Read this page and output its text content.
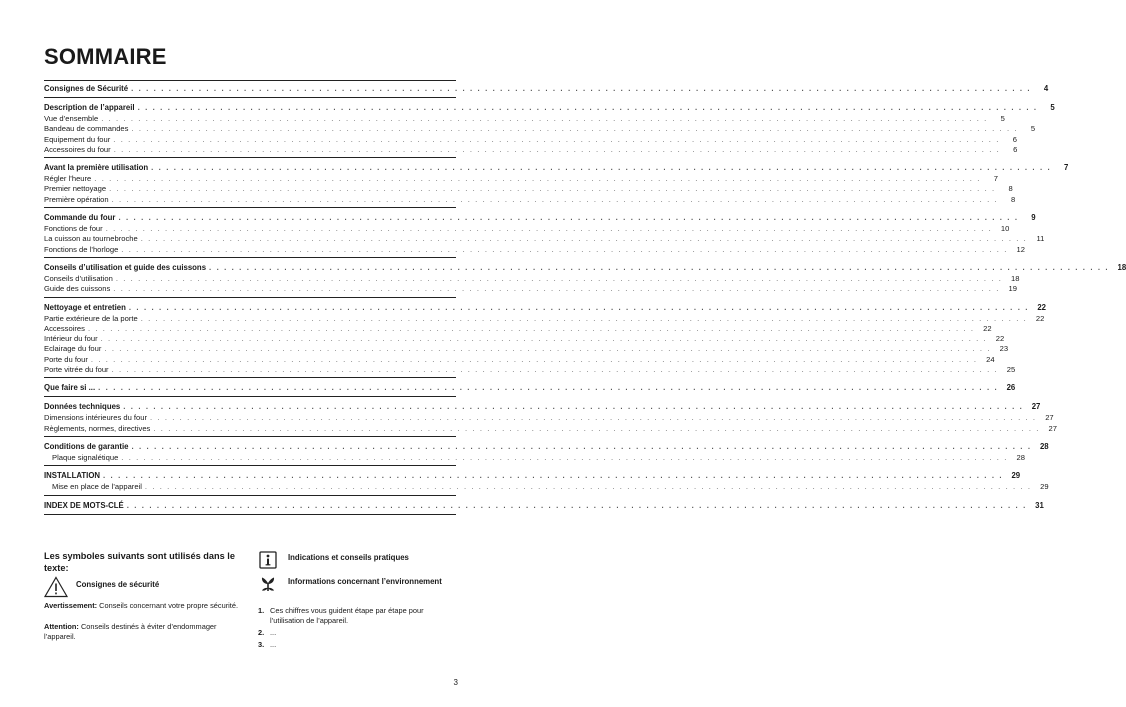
SOMMAIRE
Consignes de Sécurité . . . . . . . . . . . . . . . . . . . . . . . . . . . . . . . . . . . . . . . . . . . . . . . . . . . . . . . . . . . . . . . . . . . . . . . . . . . . . . . . . . . . . . . . . . . . . . . . . . . . . . . . . . . . . . . . . . . . . . . .	4
Description de l’appareil . . . . . . . . . . . . . . . . . . . . . . . . . . . . . . . . . . . . . . . . . . . . . . . . . . . . . . . . . . . . . . . . . . . . . . . . . . . . . . . . . . . . . . . . . . . . . . . . . . . . . . . . . . . . . . . . . . . . . . . .	5
Vue d’ensemble . . . . . . . . . . . . . . . . . . . . . . . . . . . . . . . . . . . . . . . . . . . . . . . . . . . . . . . . . . . . . . . . . . . . . . . . . . . . . . . . . . . . . . . . . . . . . . . . . . . . . . . . . . . . . . . . . . . . . . . .	5
Bandeau de commandes . . . . . . . . . . . . . . . . . . . . . . . . . . . . . . . . . . . . . . . . . . . . . . . . . . . . . . . . . . . . . . . . . . . . . . . . . . . . . . . . . . . . . . . . . . . . . . . . . . . . . . . . . . . . . . . . . . . . . . . .	5
Equipement du four . . . . . . . . . . . . . . . . . . . . . . . . . . . . . . . . . . . . . . . . . . . . . . . . . . . . . . . . . . . . . . . . . . . . . . . . . . . . . . . . . . . . . . . . . . . . . . . . . . . . . . . . . . . . . . . . . . . . . . . .	6
Accessoires du four . . . . . . . . . . . . . . . . . . . . . . . . . . . . . . . . . . . . . . . . . . . . . . . . . . . . . . . . . . . . . . . . . . . . . . . . . . . . . . . . . . . . . . . . . . . . . . . . . . . . . . . . . . . . . . . . . . . . . . . .	6
Avant la première utilisation . . . . . . . . . . . . . . . . . . . . . . . . . . . . . . . . . . . . . . . . . . . . . . . . . . . . . . . . . . . . . . . . . . . . . . . . . . . . . . . . . . . . . . . . . . . . . . . . . . . . . . . . . . . . . . . . . . . . . . . .	7
Régler l’heure . . . . . . . . . . . . . . . . . . . . . . . . . . . . . . . . . . . . . . . . . . . . . . . . . . . . . . . . . . . . . . . . . . . . . . . . . . . . . . . . . . . . . . . . . . . . . . . . . . . . . . . . . . . . . . . . . . . . . . . .	7
Premier nettoyage . . . . . . . . . . . . . . . . . . . . . . . . . . . . . . . . . . . . . . . . . . . . . . . . . . . . . . . . . . . . . . . . . . . . . . . . . . . . . . . . . . . . . . . . . . . . . . . . . . . . . . . . . . . . . . . . . . . . . . . .	8
Première opération . . . . . . . . . . . . . . . . . . . . . . . . . . . . . . . . . . . . . . . . . . . . . . . . . . . . . . . . . . . . . . . . . . . . . . . . . . . . . . . . . . . . . . . . . . . . . . . . . . . . . . . . . . . . . . . . . . . . . . . .	8
Commande du four . . . . . . . . . . . . . . . . . . . . . . . . . . . . . . . . . . . . . . . . . . . . . . . . . . . . . . . . . . . . . . . . . . . . . . . . . . . . . . . . . . . . . . . . . . . . . . . . . . . . . . . . . . . . . . . . . . . . . . . .	9
Fonctions de four . . . . . . . . . . . . . . . . . . . . . . . . . . . . . . . . . . . . . . . . . . . . . . . . . . . . . . . . . . . . . . . . . . . . . . . . . . . . . . . . . . . . . . . . . . . . . . . . . . . . . . . . . . . . . . . . . . . . . . . .	10
La cuisson au tournebroche . . . . . . . . . . . . . . . . . . . . . . . . . . . . . . . . . . . . . . . . . . . . . . . . . . . . . . . . . . . . . . . . . . . . . . . . . . . . . . . . . . . . . . . . . . . . . . . . . . . . . . . . . . . . . . . . . . . . . . . .	11
Fonctions de l’horloge . . . . . . . . . . . . . . . . . . . . . . . . . . . . . . . . . . . . . . . . . . . . . . . . . . . . . . . . . . . . . . . . . . . . . . . . . . . . . . . . . . . . . . . . . . . . . . . . . . . . . . . . . . . . . . . . . . . . . . . .	12
Conseils d’utilisation et guide des cuissons . . . . . . . . . . . . . . . . . . . . . . . . . . . . . . . . . . . . . . . . . . . . . . . . . . . . . . . . . . . . . . . . . . . . . . . . . . . . . . . . . . . . . . . . . . . . . . . . . . . . . . . . . . . . . . . . . . . . . . . .	18
Conseils d’utilisation . . . . . . . . . . . . . . . . . . . . . . . . . . . . . . . . . . . . . . . . . . . . . . . . . . . . . . . . . . . . . . . . . . . . . . . . . . . . . . . . . . . . . . . . . . . . . . . . . . . . . . . . . . . . . . . . . . . . . . . .	18
Guide des cuissons . . . . . . . . . . . . . . . . . . . . . . . . . . . . . . . . . . . . . . . . . . . . . . . . . . . . . . . . . . . . . . . . . . . . . . . . . . . . . . . . . . . . . . . . . . . . . . . . . . . . . . . . . . . . . . . . . . . . . . . .	19
Nettoyage et entretien . . . . . . . . . . . . . . . . . . . . . . . . . . . . . . . . . . . . . . . . . . . . . . . . . . . . . . . . . . . . . . . . . . . . . . . . . . . . . . . . . . . . . . . . . . . . . . . . . . . . . . . . . . . . . . . . . . . . . . . .	22
Partie extérieure de la porte . . . . . . . . . . . . . . . . . . . . . . . . . . . . . . . . . . . . . . . . . . . . . . . . . . . . . . . . . . . . . . . . . . . . . . . . . . . . . . . . . . . . . . . . . . . . . . . . . . . . . . . . . . . . . . . . . . . . . . . .	22
Accessoires . . . . . . . . . . . . . . . . . . . . . . . . . . . . . . . . . . . . . . . . . . . . . . . . . . . . . . . . . . . . . . . . . . . . . . . . . . . . . . . . . . . . . . . . . . . . . . . . . . . . . . . . . . . . . . . . . . . . . . . .	22
Intérieur du four . . . . . . . . . . . . . . . . . . . . . . . . . . . . . . . . . . . . . . . . . . . . . . . . . . . . . . . . . . . . . . . . . . . . . . . . . . . . . . . . . . . . . . . . . . . . . . . . . . . . . . . . . . . . . . . . . . . . . . . .	22
Eclairage du four . . . . . . . . . . . . . . . . . . . . . . . . . . . . . . . . . . . . . . . . . . . . . . . . . . . . . . . . . . . . . . . . . . . . . . . . . . . . . . . . . . . . . . . . . . . . . . . . . . . . . . . . . . . . . . . . . . . . . . . .	23
Porte du four . . . . . . . . . . . . . . . . . . . . . . . . . . . . . . . . . . . . . . . . . . . . . . . . . . . . . . . . . . . . . . . . . . . . . . . . . . . . . . . . . . . . . . . . . . . . . . . . . . . . . . . . . . . . . . . . . . . . . . . .	24
Porte vitrée du four . . . . . . . . . . . . . . . . . . . . . . . . . . . . . . . . . . . . . . . . . . . . . . . . . . . . . . . . . . . . . . . . . . . . . . . . . . . . . . . . . . . . . . . . . . . . . . . . . . . . . . . . . . . . . . . . . . . . . . . .	25
Que faire si ... . . . . . . . . . . . . . . . . . . . . . . . . . . . . . . . . . . . . . . . . . . . . . . . . . . . . . . . . . . . . . . . . . . . . . . . . . . . . . . . . . . . . . . . . . . . . . . . . . . . . . . . . . . . . . . . . . . . . . . . .	26
Données techniques . . . . . . . . . . . . . . . . . . . . . . . . . . . . . . . . . . . . . . . . . . . . . . . . . . . . . . . . . . . . . . . . . . . . . . . . . . . . . . . . . . . . . . . . . . . . . . . . . . . . . . . . . . . . . . . . . . . . . . . .	27
Dimensions intérieures du four . . . . . . . . . . . . . . . . . . . . . . . . . . . . . . . . . . . . . . . . . . . . . . . . . . . . . . . . . . . . . . . . . . . . . . . . . . . . . . . . . . . . . . . . . . . . . . . . . . . . . . . . . . . . . . . . . . . . . . . .	27
Règlements, normes, directives . . . . . . . . . . . . . . . . . . . . . . . . . . . . . . . . . . . . . . . . . . . . . . . . . . . . . . . . . . . . . . . . . . . . . . . . . . . . . . . . . . . . . . . . . . . . . . . . . . . . . . . . . . . . . . . . . . . . . . . .	27
Conditions de garantie . . . . . . . . . . . . . . . . . . . . . . . . . . . . . . . . . . . . . . . . . . . . . . . . . . . . . . . . . . . . . . . . . . . . . . . . . . . . . . . . . . . . . . . . . . . . . . . . . . . . . . . . . . . . . . . . . . . . . . . .	28
Plaque signalétique . . . . . . . . . . . . . . . . . . . . . . . . . . . . . . . . . . . . . . . . . . . . . . . . . . . . . . . . . . . . . . . . . . . . . . . . . . . . . . . . . . . . . . . . . . . . . . . . . . . . . . . . . . . . . . . . . . . . . . . .	28
INSTALLATION . . . . . . . . . . . . . . . . . . . . . . . . . . . . . . . . . . . . . . . . . . . . . . . . . . . . . . . . . . . . . . . . . . . . . . . . . . . . . . . . . . . . . . . . . . . . . . . . . . . . . . . . . . . . . . . . . . . . . . . .	29
Mise en place de l’appareil . . . . . . . . . . . . . . . . . . . . . . . . . . . . . . . . . . . . . . . . . . . . . . . . . . . . . . . . . . . . . . . . . . . . . . . . . . . . . . . . . . . . . . . . . . . . . . . . . . . . . . . . . . . . . . . . . . . . . . . .	29
INDEX DE MOTS-CLÉ . . . . . . . . . . . . . . . . . . . . . . . . . . . . . . . . . . . . . . . . . . . . . . . . . . . . . . . . . . . . . . . . . . . . . . . . . . . . . . . . . . . . . . . . . . . . . . . . . . . . . . . . . . . . . . . . . . . . . . . .	31
Les symboles suivants sont utilisés dans le texte:
Consignes de sécurité

Avertissement: Conseils concernant votre propre sécurité.

Attention: Conseils destinés à éviter d’endommager l’appareil.

Indications et conseils pratiques
Informations concernant l’environnement
1. Ces chiffres vous guident étape par étape pour l’utilisation de l’appareil.
2. ...
3. ...
3
